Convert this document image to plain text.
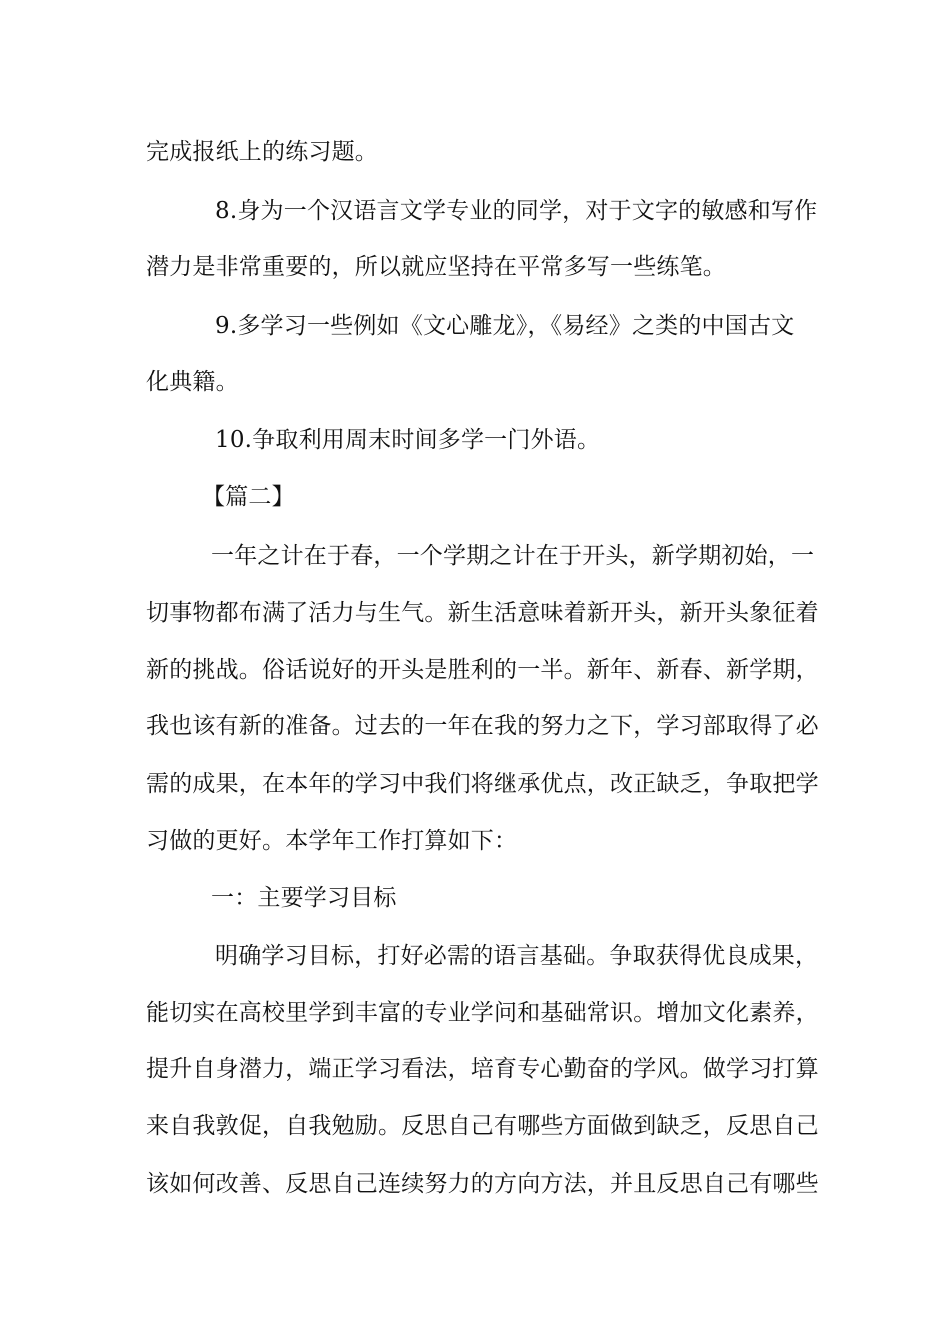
完成报纸上的练习题。
8.身为一个汉语言文学专业的同学，对于文字的敏感和写作
潜力是非常重要的，所以就应坚持在平常多写一些练笔。
9.多学习一些例如《文心雕龙》，《易经》之类的中国古文
化典籍。
10.争取利用周末时间多学一门外语。
【篇二】
一年之计在于春，一个学期之计在于开头，新学期初始，一
切事物都布满了活力与生气。新生活意味着新开头，新开头象征着
新的挑战。俗话说好的开头是胜利的一半。新年、新春、新学期，
我也该有新的准备。过去的一年在我的努力之下，学习部取得了必
需的成果，在本年的学习中我们将继承优点，改正缺乏，争取把学
习做的更好。本学年工作打算如下：
一：主要学习目标
明确学习目标，打好必需的语言基础。争取获得优良成果，
能切实在高校里学到丰富的专业学问和基础常识。增加文化素养，
提升自身潜力，端正学习看法，培育专心勤奋的学风。做学习打算
来自我敦促，自我勉励。反思自己有哪些方面做到缺乏，反思自己
该如何改善、反思自己连续努力的方向方法，并且反思自己有哪些
